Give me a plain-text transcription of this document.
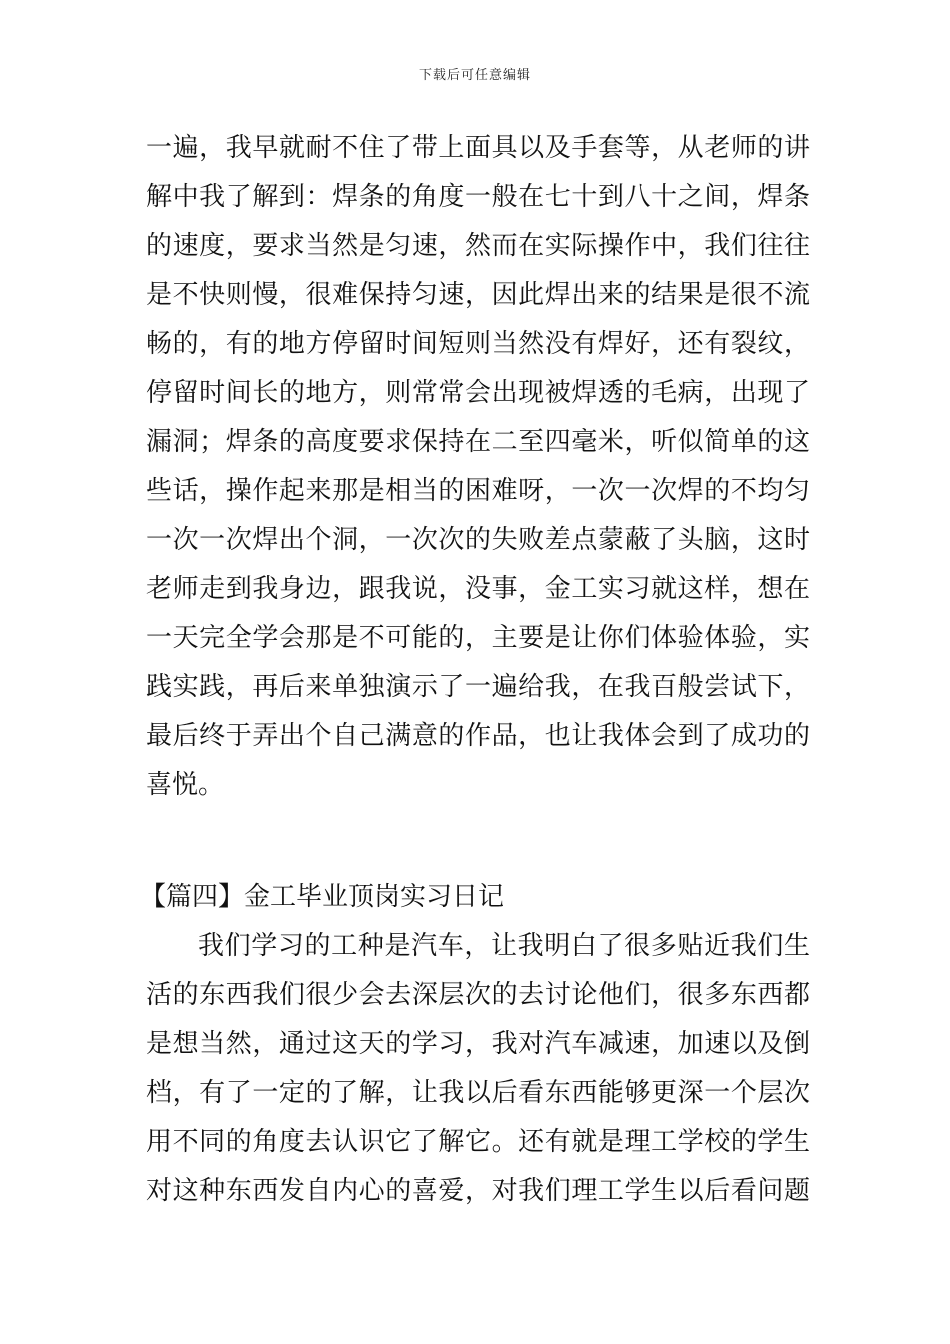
下载后可任意编辑
一遍，我早就耐不住了带上面具以及手套等，从老师的讲
解中我了解到：焊条的角度一般在七十到八十之间，焊条
的速度，要求当然是匀速，然而在实际操作中，我们往往
是不快则慢，很难保持匀速，因此焊出来的结果是很不流
畅的，有的地方停留时间短则当然没有焊好，还有裂纹，
停留时间长的地方，则常常会出现被焊透的毛病，出现了
漏洞；焊条的高度要求保持在二至四毫米，听似简单的这
些话，操作起来那是相当的困难呀，一次一次焊的不均匀
一次一次焊出个洞，一次次的失败差点蒙蔽了头脑，这时
老师走到我身边，跟我说，没事，金工实习就这样，想在
一天完全学会那是不可能的，主要是让你们体验体验，实
践实践，再后来单独演示了一遍给我，在我百般尝试下，
最后终于弄出个自己满意的作品，也让我体会到了成功的
喜悦。
【篇四】金工毕业顶岗实习日记
我们学习的工种是汽车，让我明白了很多贴近我们生
活的东西我们很少会去深层次的去讨论他们，很多东西都
是想当然，通过这天的学习，我对汽车减速，加速以及倒
档，有了一定的了解，让我以后看东西能够更深一个层次
用不同的角度去认识它了解它。还有就是理工学校的学生
对这种东西发自内心的喜爱，对我们理工学生以后看问题
